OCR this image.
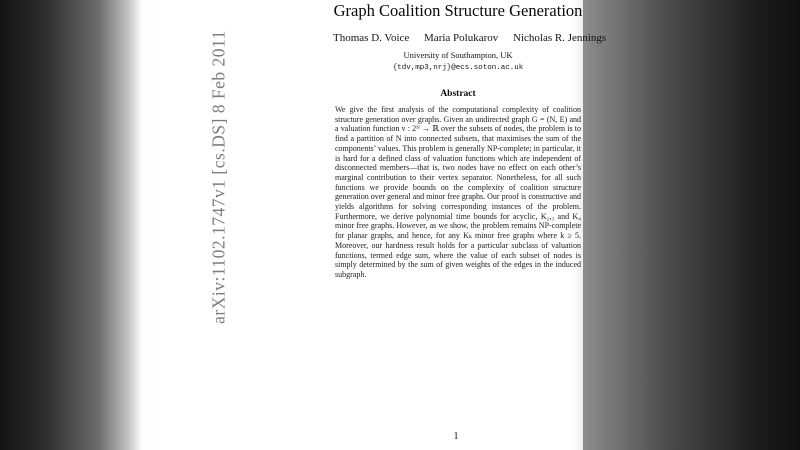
arXiv:1102.1747v1 [cs.DS] 8 Feb 2011
Graph Coalition Structure Generation
Thomas D. Voice Maria Polukarov Nicholas R. Jennings
University of Southampton, UK
{tdv,mp3,nrj}@ecs.soton.ac.uk
Abstract

We give the first analysis of the computational complexity of coalition structure generation over graphs. Given an undirected graph G = (N, E) and a valuation function v : 2ᴺ → ℝ over the subsets of nodes, the problem is to find a partition of N into connected subsets, that maximises the sum of the components’ values. This problem is generally NP-complete; in particular, it is hard for a defined class of valuation functions which are independent of disconnected members—that is, two nodes have no effect on each other’s marginal contribution to their vertex separator. Nonetheless, for all such functions we provide bounds on the complexity of coalition structure generation over general and minor free graphs. Our proof is constructive and yields algorithms for solving corresponding instances of the problem. Furthermore, we derive polynomial time bounds for acyclic, K₂,₃ and K₄ minor free graphs. However, as we show, the problem remains NP-complete for planar graphs, and hence, for any Kₖ minor free graphs where k ≥ 5. Moreover, our hardness result holds for a particular subclass of valuation functions, termed edge sum, where the value of each subset of nodes is simply determined by the sum of given weights of the edges in the induced subgraph.

1
